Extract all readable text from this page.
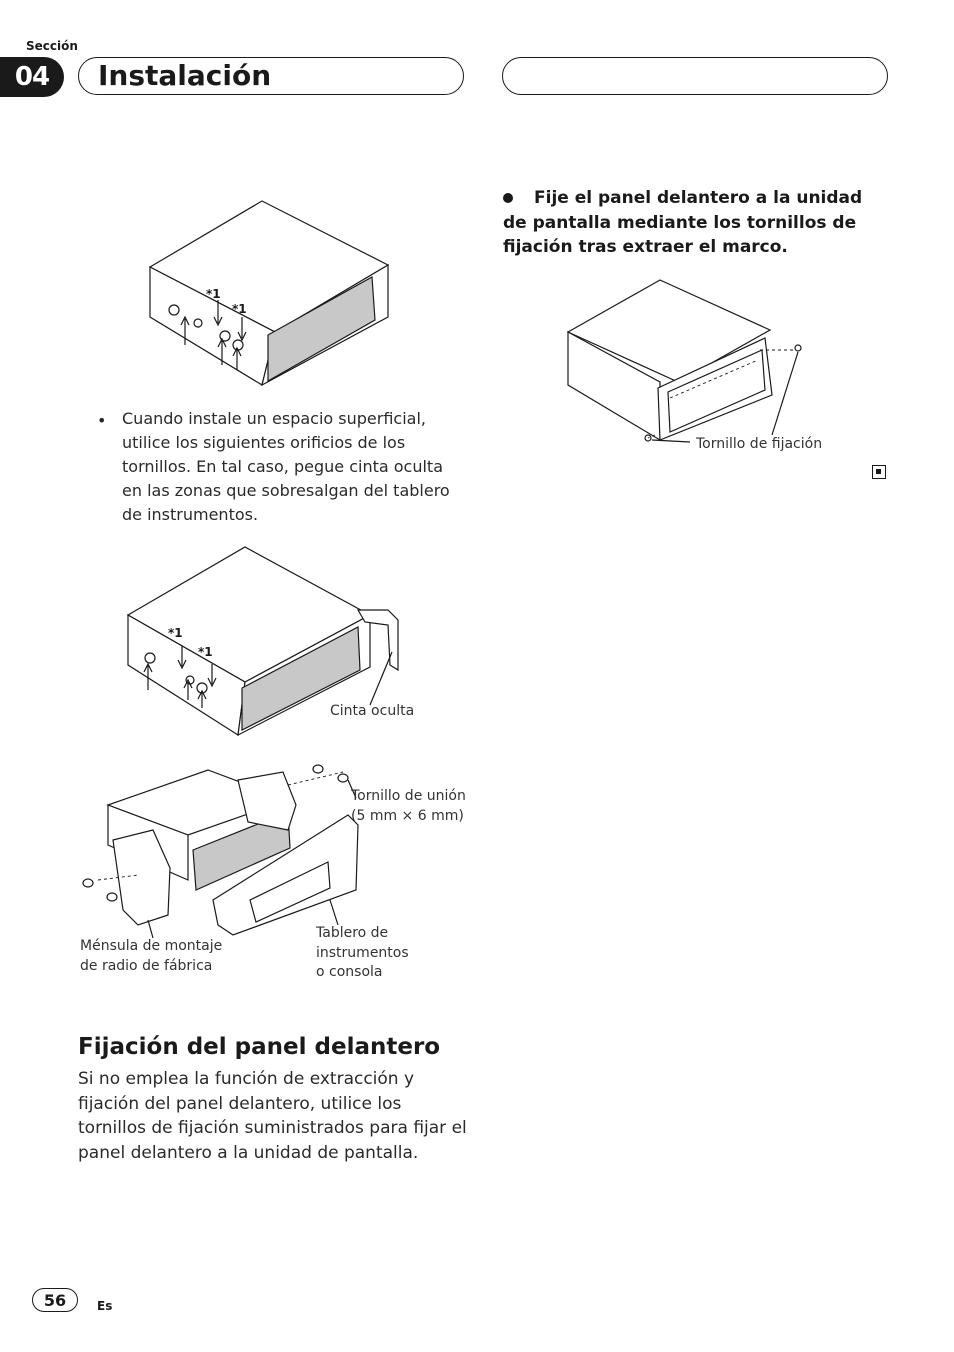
Sección
04	Instalación
*1
*1
• Cuando instale un espacio superficial, utilice los siguientes orificios de los tornillos. En tal caso, pegue cinta oculta en las zonas que sobresalgan del tablero de instrumentos.
*1
*1
Cinta oculta
Tornillo de unión
(5 mm × 6 mm)
Ménsula de montaje
de radio de fábrica
Tablero de
instrumentos
o consola
Fijación del panel delantero
Si no emplea la función de extracción y fijación del panel delantero, utilice los tornillos de fijación suministrados para fijar el panel delantero a la unidad de pantalla.
Fije el panel delantero a la unidad de pantalla mediante los tornillos de fijación tras extraer el marco.
Tornillo de fijación
56	Es
